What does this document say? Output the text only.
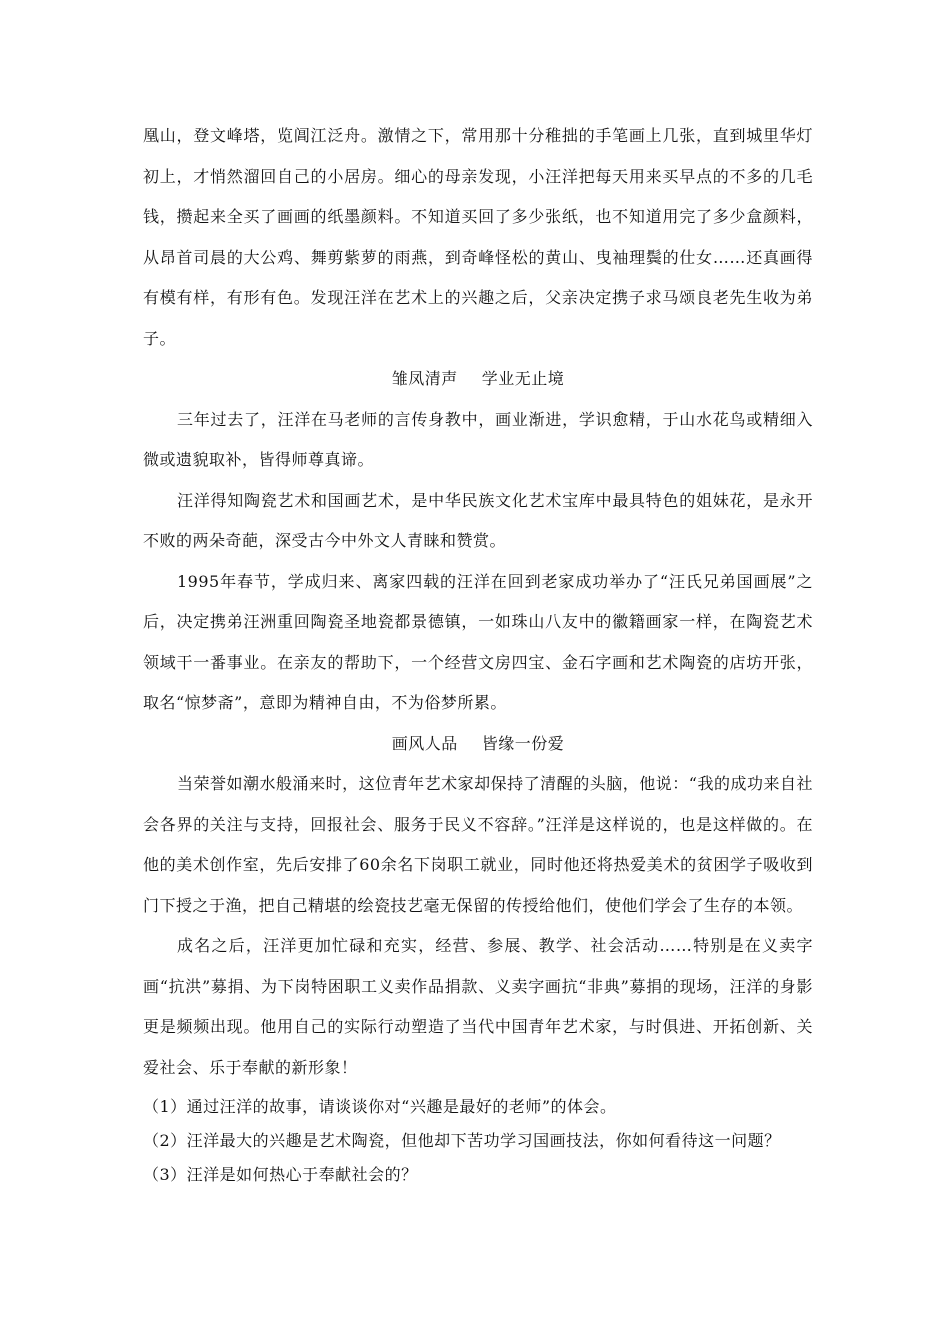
凰山，登文峰塔，览阊江泛舟。激情之下，常用那十分稚拙的手笔画上几张，直到城里华灯初上，才悄然溜回自己的小居房。细心的母亲发现，小汪洋把每天用来买早点的不多的几毛钱，攒起来全买了画画的纸墨颜料。不知道买回了多少张纸，也不知道用完了多少盒颜料，从昂首司晨的大公鸡、舞剪紫萝的雨燕，到奇峰怪松的黄山、曳袖理鬓的仕女……还真画得有模有样，有形有色。发现汪洋在艺术上的兴趣之后，父亲决定携子求马颂良老先生收为弟子。

雏凤清声 学业无止境

三年过去了，汪洋在马老师的言传身教中，画业渐进，学识愈精，于山水花鸟或精细入微或遗貌取补，皆得师尊真谛。

汪洋得知陶瓷艺术和国画艺术，是中华民族文化艺术宝库中最具特色的姐妹花，是永开不败的两朵奇葩，深受古今中外文人青睐和赞赏。

1995年春节，学成归来、离家四载的汪洋在回到老家成功举办了“汪氏兄弟国画展”之后，决定携弟汪洲重回陶瓷圣地瓷都景德镇，一如珠山八友中的徽籍画家一样，在陶瓷艺术领域干一番事业。在亲友的帮助下，一个经营文房四宝、金石字画和艺术陶瓷的店坊开张，取名“惊梦斋”，意即为精神自由，不为俗梦所累。

画风人品 皆缘一份爱

当荣誉如潮水般涌来时，这位青年艺术家却保持了清醒的头脑，他说：“我的成功来自社会各界的关注与支持，回报社会、服务于民义不容辞。”汪洋是这样说的，也是这样做的。在他的美术创作室，先后安排了60余名下岗职工就业，同时他还将热爱美术的贫困学子吸收到门下授之于渔，把自己精堪的绘瓷技艺毫无保留的传授给他们，使他们学会了生存的本领。

成名之后，汪洋更加忙碌和充实，经营、参展、教学、社会活动……特别是在义卖字画“抗洪”募捐、为下岗特困职工义卖作品捐款、义卖字画抗“非典”募捐的现场，汪洋的身影更是频频出现。他用自己的实际行动塑造了当代中国青年艺术家，与时俱进、开拓创新、关爱社会、乐于奉献的新形象！

（1）通过汪洋的故事，请谈谈你对“兴趣是最好的老师”的体会。

（2）汪洋最大的兴趣是艺术陶瓷，但他却下苦功学习国画技法，你如何看待这一问题？

（3）汪洋是如何热心于奉献社会的？
